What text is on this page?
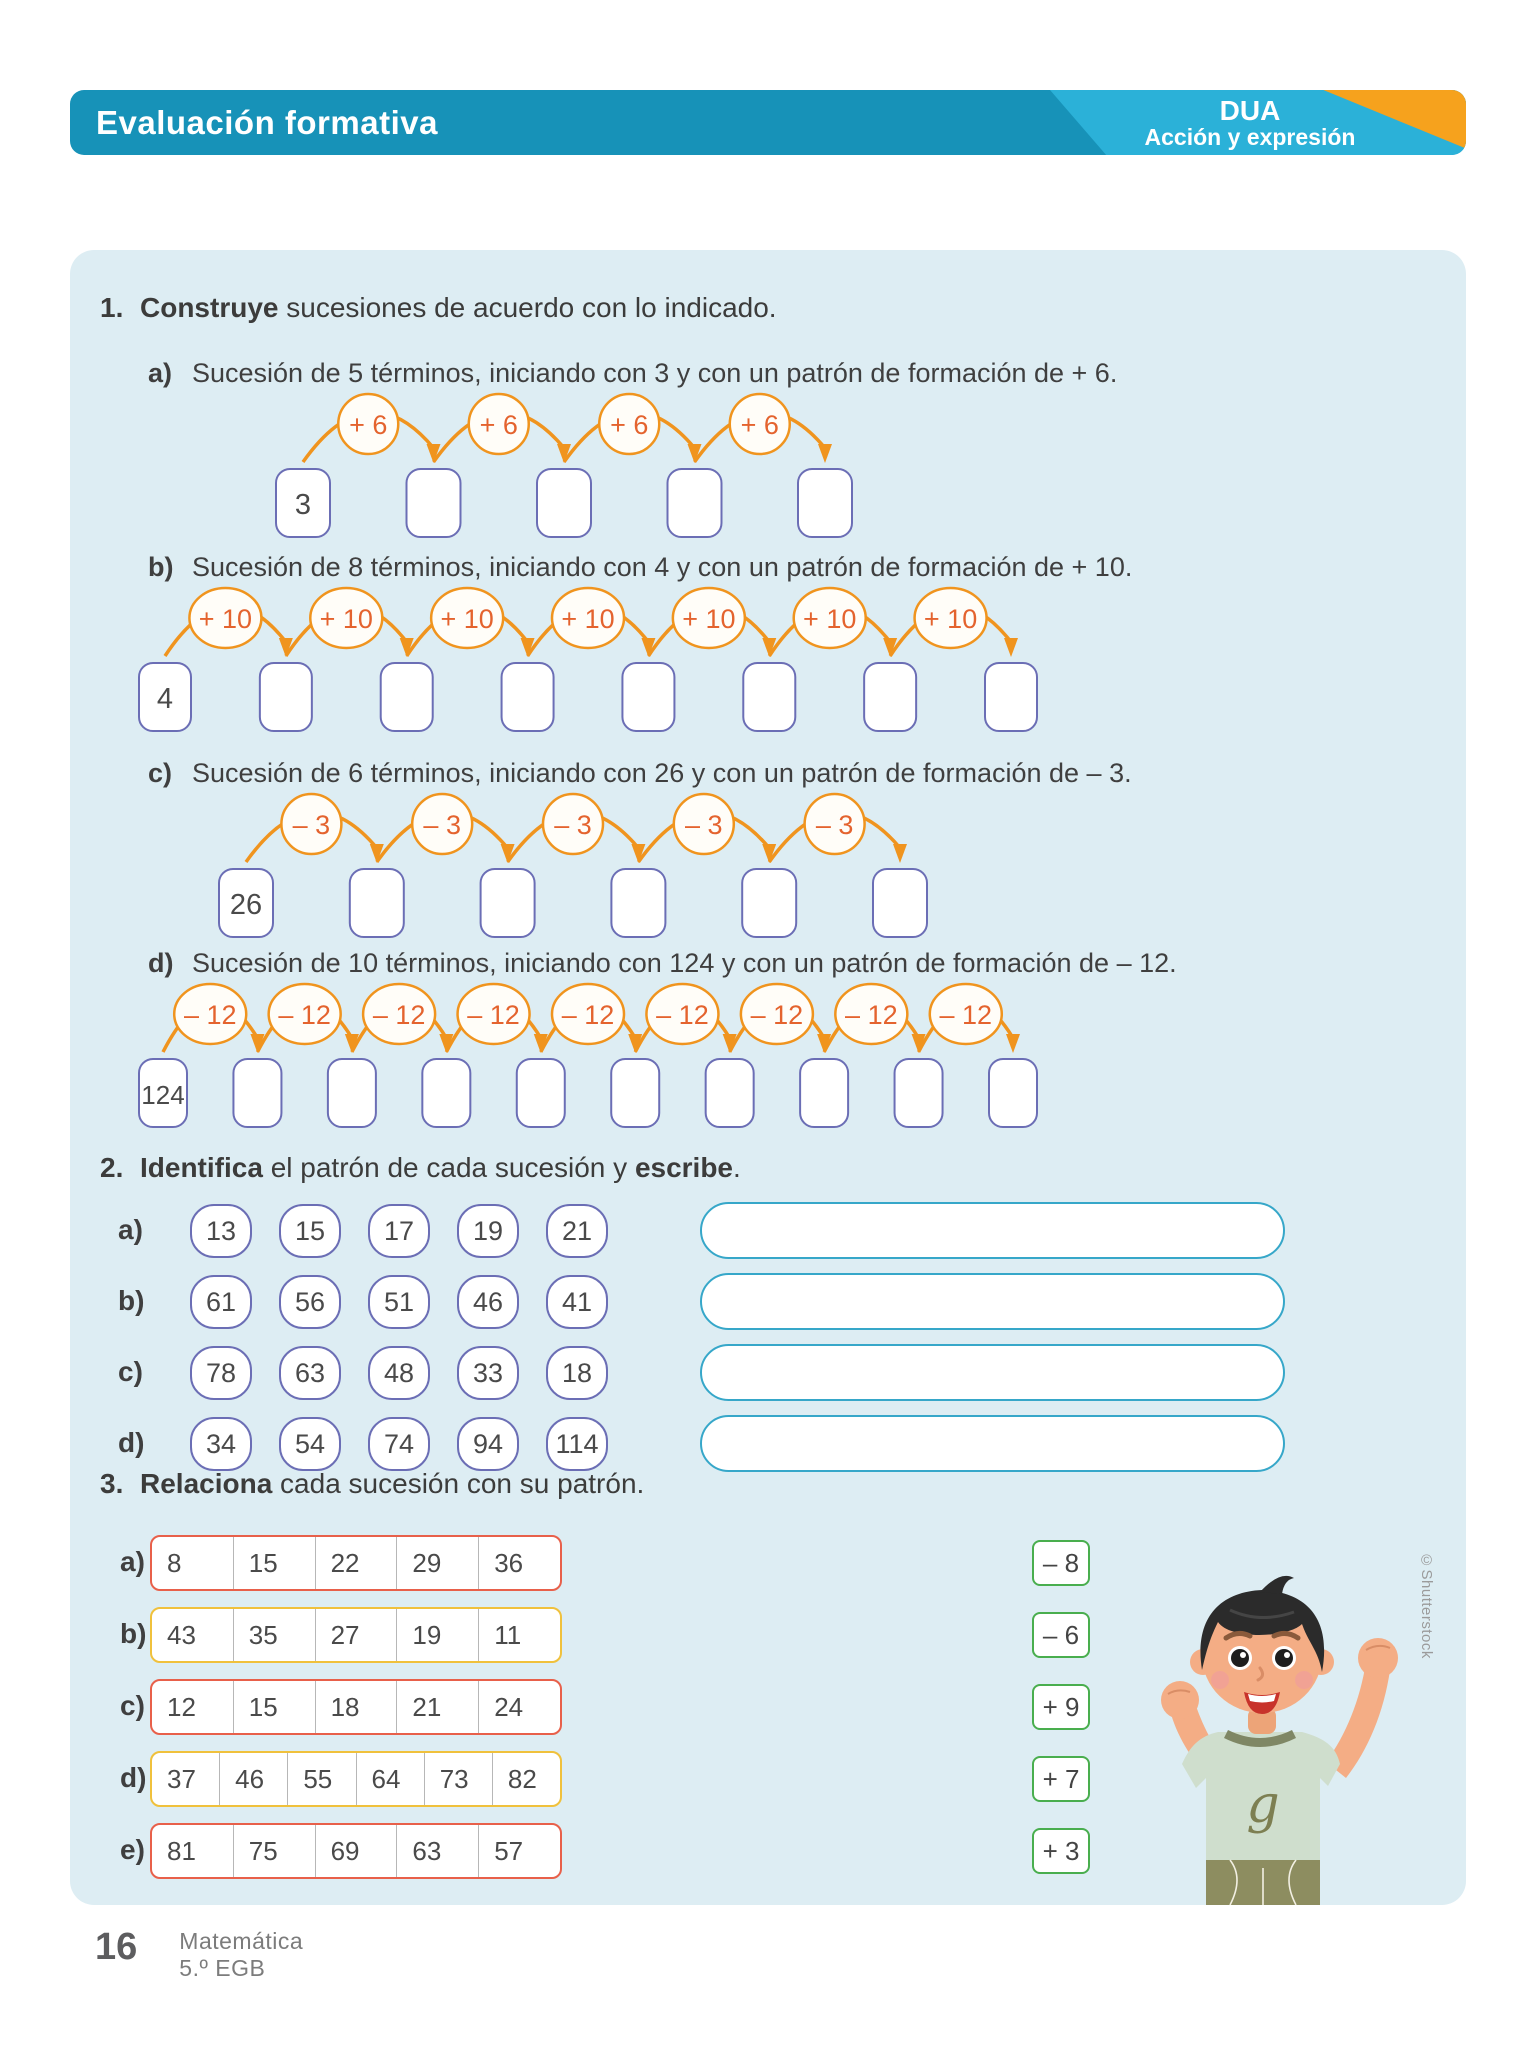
Evaluación formativa	DUA
Acción y expresión
1. Construye sucesiones de acuerdo con lo indicado.
a) Sucesión de 5 términos, iniciando con 3 y con un patrón de formación de + 6.
3
+ 6	+ 6	+ 6	+ 6
b) Sucesión de 8 términos, iniciando con 4 y con un patrón de formación de + 10.
4
+ 10	+ 10	+ 10	+ 10	+ 10	+ 10	+ 10
c) Sucesión de 6 términos, iniciando con 26 y con un patrón de formación de – 3.
26
– 3	– 3	– 3	– 3	– 3
d) Sucesión de 10 términos, iniciando con 124 y con un patrón de formación de – 12.
124
– 12 – 12 – 12 – 12 – 12 – 12 – 12 – 12 – 12
2. Identifica el patrón de cada sucesión y escribe.
a)	13	15	17	19	21
b)	61	56	51	46	41
c)	78	63	48	33	18
d)	34	54	74	94	114
3. Relaciona cada sucesión con su patrón.
a) 8	15	22	29	36
b) 43	35	27	19	11
c) 12	15	18	21	24
d) 37	46	55	64	73	82
e) 81	75	69	63	57
– 8
– 6
+ 9
+ 7
+ 3
g
©Shutterstock
16 Matemática
5.º EGB
